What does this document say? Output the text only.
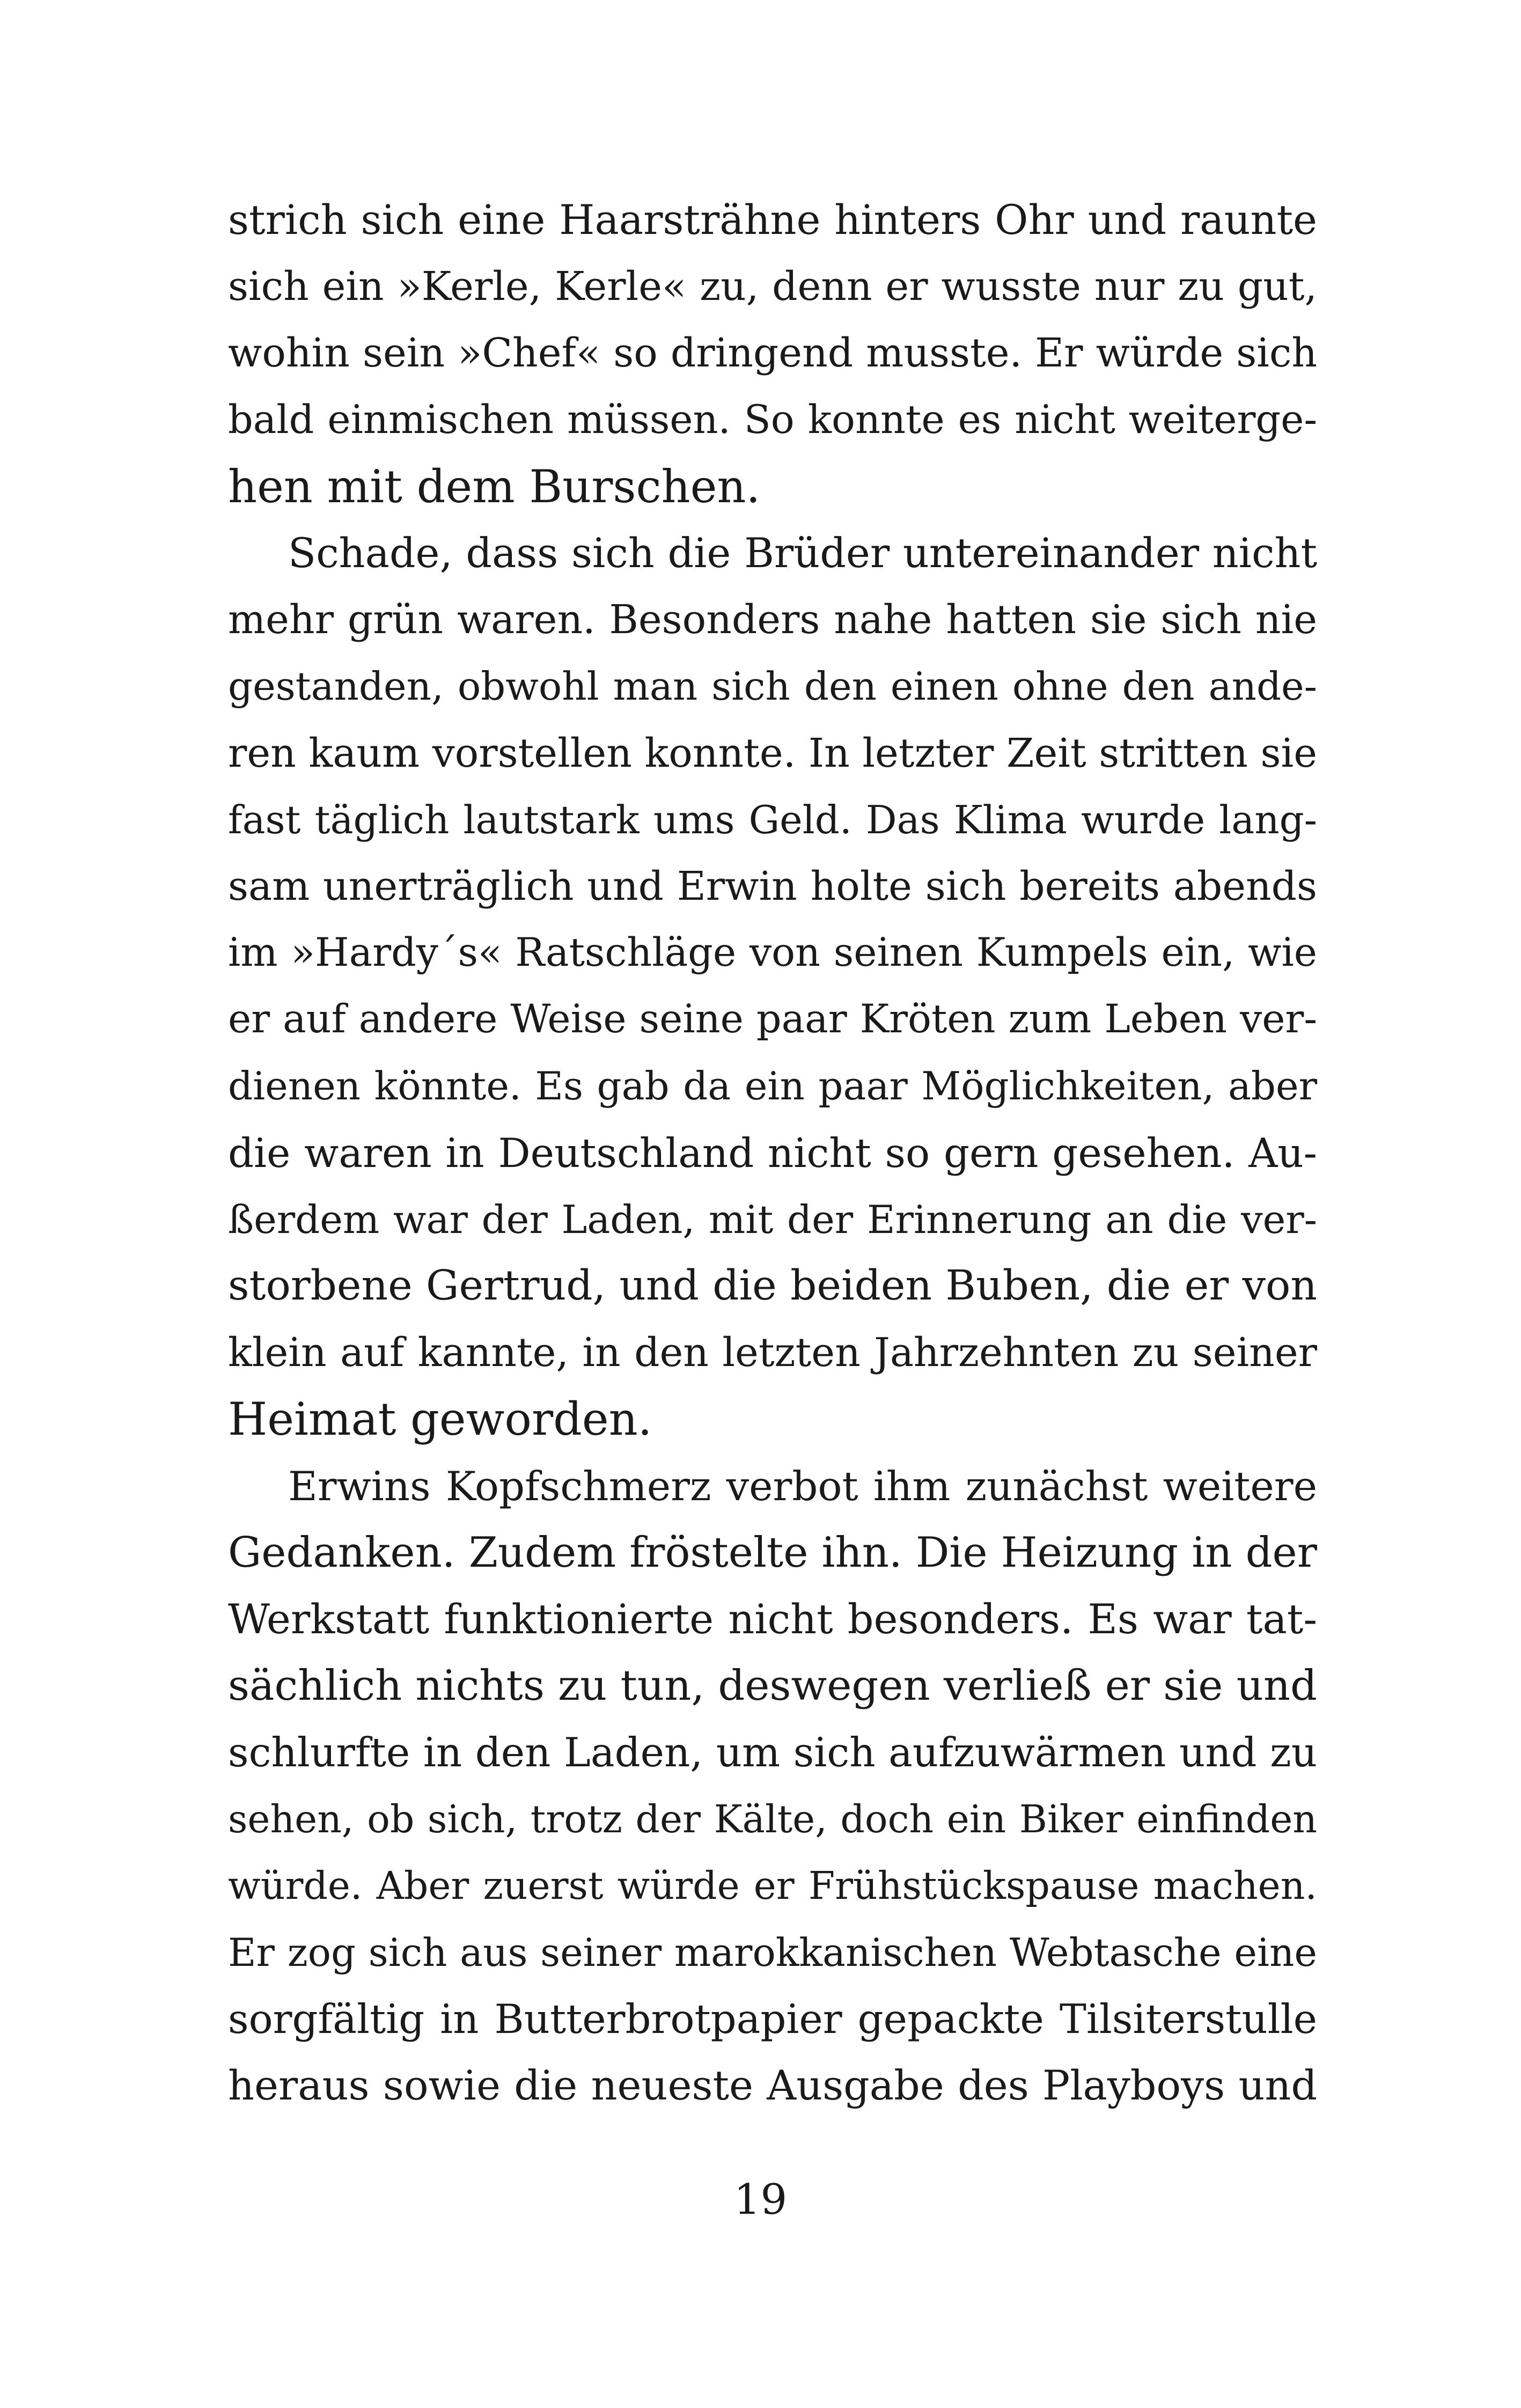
strich sich eine Haarsträhne hinters Ohr und raunte
sich ein »Kerle, Kerle« zu, denn er wusste nur zu gut,
wohin sein »Chef« so dringend musste. Er würde sich
bald einmischen müssen. So konnte es nicht weiterge-
hen mit dem Burschen.
Schade, dass sich die Brüder untereinander nicht
mehr grün waren. Besonders nahe hatten sie sich nie
gestanden, obwohl man sich den einen ohne den ande-
ren kaum vorstellen konnte. In letzter Zeit stritten sie
fast täglich lautstark ums Geld. Das Klima wurde lang-
sam unerträglich und Erwin holte sich bereits abends
im »Hardy´s« Ratschläge von seinen Kumpels ein, wie
er auf andere Weise seine paar Kröten zum Leben ver-
dienen könnte. Es gab da ein paar Möglichkeiten, aber
die waren in Deutschland nicht so gern gesehen. Au-
ßerdem war der Laden, mit der Erinnerung an die ver-
storbene Gertrud, und die beiden Buben, die er von
klein auf kannte, in den letzten Jahrzehnten zu seiner
Heimat geworden.
Erwins Kopfschmerz verbot ihm zunächst weitere
Gedanken. Zudem fröstelte ihn. Die Heizung in der
Werkstatt funktionierte nicht besonders. Es war tat-
sächlich nichts zu tun, deswegen verließ er sie und
schlurfte in den Laden, um sich aufzuwärmen und zu
sehen, ob sich, trotz der Kälte, doch ein Biker einfinden
würde. Aber zuerst würde er Frühstückspause machen.
Er zog sich aus seiner marokkanischen Webtasche eine
sorgfältig in Butterbrotpapier gepackte Tilsiterstulle
heraus sowie die neueste Ausgabe des Playboys und
19
